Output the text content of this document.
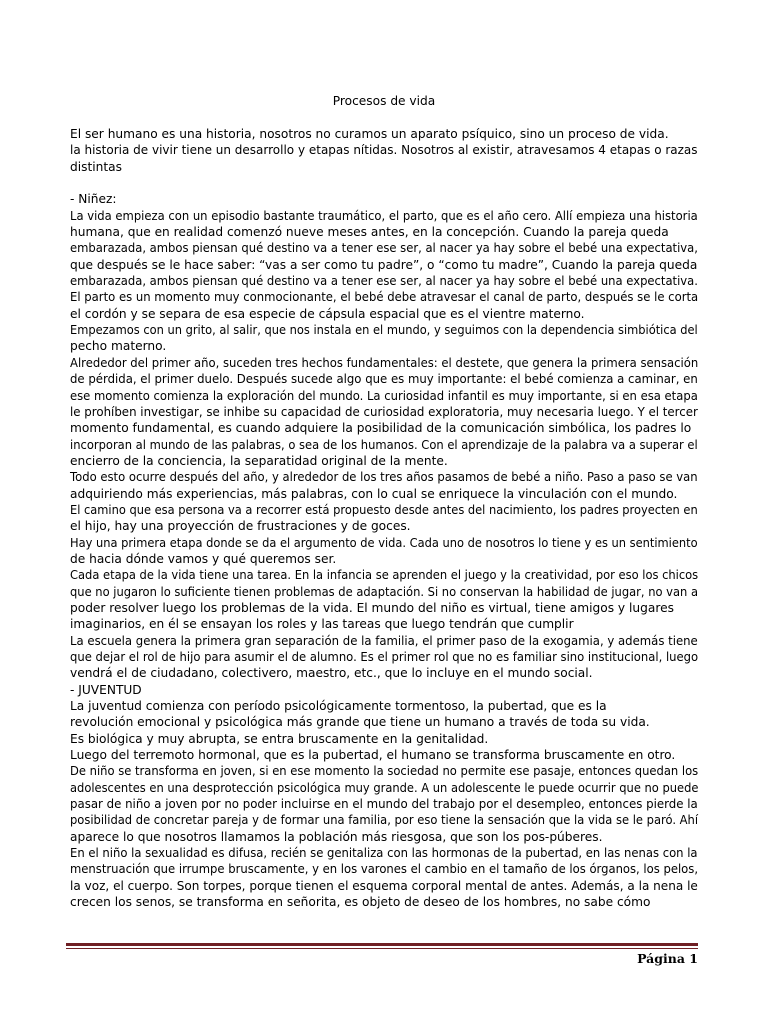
Procesos de vida

El ser humano es una historia, nosotros no curamos un aparato psíquico, sino un proceso de vida.

la historia de vivir tiene un desarrollo y etapas nítidas. Nosotros al existir, atravesamos 4 etapas o razas

distintas

- Niñez:

La vida empieza con un episodio bastante traumático, el parto, que es el año cero. Allí empieza una historia

humana, que en realidad comenzó nueve meses antes, en la concepción. Cuando la pareja queda

embarazada, ambos piensan qué destino va a tener ese ser, al nacer ya hay sobre el bebé una expectativa,

que después se le hace saber: “vas a ser como tu padre”, o “como tu madre”, Cuando la pareja queda

embarazada, ambos piensan qué destino va a tener ese ser, al nacer ya hay sobre el bebé una expectativa.

El parto es un momento muy conmocionante, el bebé debe atravesar el canal de parto, después se le corta

el cordón y se separa de esa especie de cápsula espacial que es el vientre materno.

Empezamos con un grito, al salir, que nos instala en el mundo, y seguimos con la dependencia simbiótica del

pecho materno.

Alrededor del primer año, suceden tres hechos fundamentales: el destete, que genera la primera sensación

de pérdida, el primer duelo. Después sucede algo que es muy importante: el bebé comienza a caminar, en

ese momento comienza la exploración del mundo. La curiosidad infantil es muy importante, si en esa etapa

le prohíben investigar, se inhibe su capacidad de curiosidad exploratoria, muy necesaria luego. Y el tercer

momento fundamental, es cuando adquiere la posibilidad de la comunicación simbólica, los padres lo

incorporan al mundo de las palabras, o sea de los humanos. Con el aprendizaje de la palabra va a superar el

encierro de la conciencia, la separatidad original de la mente.

Todo esto ocurre después del año, y alrededor de los tres años pasamos de bebé a niño. Paso a paso se van

adquiriendo más experiencias, más palabras, con lo cual se enriquece la vinculación con el mundo.

El camino que esa persona va a recorrer está propuesto desde antes del nacimiento, los padres proyecten en

el hijo, hay una proyección de frustraciones y de goces.

Hay una primera etapa donde se da el argumento de vida. Cada uno de nosotros lo tiene y es un sentimiento

de hacia dónde vamos y qué queremos ser.

Cada etapa de la vida tiene una tarea. En la infancia se aprenden el juego y la creatividad, por eso los chicos

que no jugaron lo suficiente tienen problemas de adaptación. Si no conservan la habilidad de jugar, no van a

poder resolver luego los problemas de la vida. El mundo del niño es virtual, tiene amigos y lugares

imaginarios, en él se ensayan los roles y las tareas que luego tendrán que cumplir

La escuela genera la primera gran separación de la familia, el primer paso de la exogamia, y además tiene

que dejar el rol de hijo para asumir el de alumno. Es el primer rol que no es familiar sino institucional, luego

vendrá el de ciudadano, colectivero, maestro, etc., que lo incluye en el mundo social.

- JUVENTUD

La juventud comienza con período psicológicamente tormentoso, la pubertad, que es la

revolución emocional y psicológica más grande que tiene un humano a través de toda su vida.

Es biológica y muy abrupta, se entra bruscamente en la genitalidad.

Luego del terremoto hormonal, que es la pubertad, el humano se transforma bruscamente en otro.

De niño se transforma en joven, si en ese momento la sociedad no permite ese pasaje, entonces quedan los

adolescentes en una desprotección psicológica muy grande. A un adolescente le puede ocurrir que no puede

pasar de niño a joven por no poder incluirse en el mundo del trabajo por el desempleo, entonces pierde la

posibilidad de concretar pareja y de formar una familia, por eso tiene la sensación que la vida se le paró. Ahí

aparece lo que nosotros llamamos la población más riesgosa, que son los pos-púberes.

En el niño la sexualidad es difusa, recién se genitaliza con las hormonas de la pubertad, en las nenas con la

menstruación que irrumpe bruscamente, y en los varones el cambio en el tamaño de los órganos, los pelos,

la voz, el cuerpo. Son torpes, porque tienen el esquema corporal mental de antes. Además, a la nena le

crecen los senos, se transforma en señorita, es objeto de deseo de los hombres, no sabe cómo

Página 1
